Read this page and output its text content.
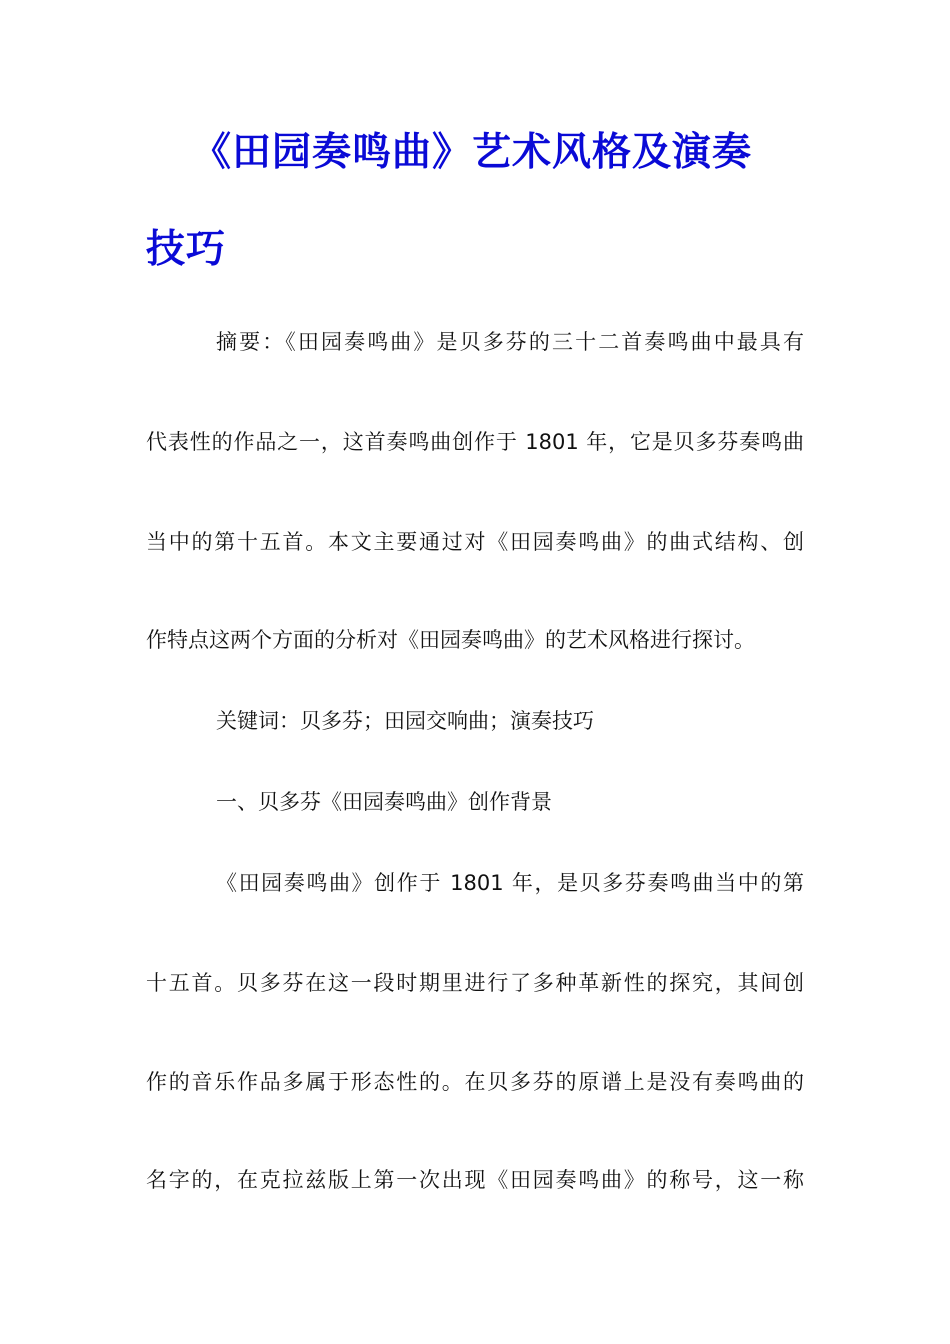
《田园奏鸣曲》艺术风格及演奏
技巧
摘要：《田园奏鸣曲》是贝多芬的三十二首奏鸣曲中最具有
代表性的作品之一，这首奏鸣曲创作于 1801 年，它是贝多芬奏鸣曲
当中的第十五首。本文主要通过对《田园奏鸣曲》的曲式结构、创
作特点这两个方面的分析对《田园奏鸣曲》的艺术风格进行探讨。
关键词：贝多芬；田园交响曲；演奏技巧
一、贝多芬《田园奏鸣曲》创作背景
《田园奏鸣曲》创作于 1801 年，是贝多芬奏鸣曲当中的第
十五首。贝多芬在这一段时期里进行了多种革新性的探究，其间创
作的音乐作品多属于形态性的。在贝多芬的原谱上是没有奏鸣曲的
名字的，在克拉兹版上第一次出现《田园奏鸣曲》的称号，这一称
